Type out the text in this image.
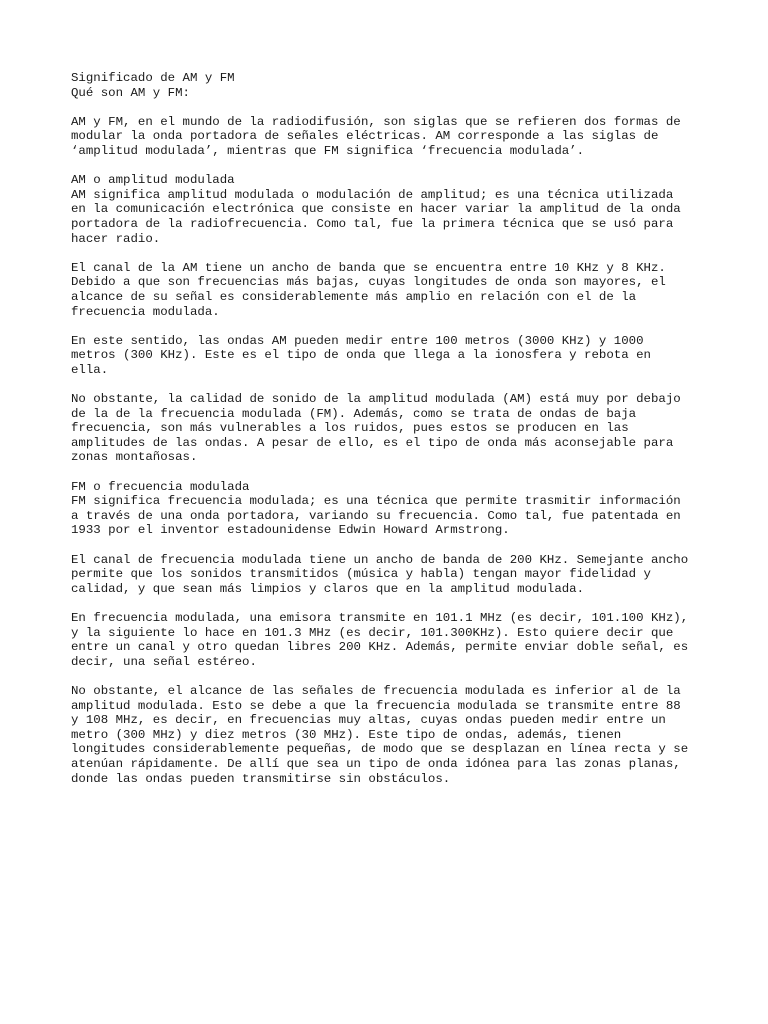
Significado de AM y FM
Qué son AM y FM:
AM y FM, en el mundo de la radiodifusión, son siglas que se refieren dos formas de
modular la onda portadora de señales eléctricas. AM corresponde a las siglas de
‘amplitud modulada’, mientras que FM significa ‘frecuencia modulada’.
AM o amplitud modulada
AM significa amplitud modulada o modulación de amplitud; es una técnica utilizada
en la comunicación electrónica que consiste en hacer variar la amplitud de la onda
portadora de la radiofrecuencia. Como tal, fue la primera técnica que se usó para
hacer radio.
El canal de la AM tiene un ancho de banda que se encuentra entre 10 KHz y 8 KHz.
Debido a que son frecuencias más bajas, cuyas longitudes de onda son mayores, el
alcance de su señal es considerablemente más amplio en relación con el de la
frecuencia modulada.
En este sentido, las ondas AM pueden medir entre 100 metros (3000 KHz) y 1000
metros (300 KHz). Este es el tipo de onda que llega a la ionosfera y rebota en
ella.
No obstante, la calidad de sonido de la amplitud modulada (AM) está muy por debajo
de la de la frecuencia modulada (FM). Además, como se trata de ondas de baja
frecuencia, son más vulnerables a los ruidos, pues estos se producen en las
amplitudes de las ondas. A pesar de ello, es el tipo de onda más aconsejable para
zonas montañosas.
FM o frecuencia modulada
FM significa frecuencia modulada; es una técnica que permite trasmitir información
a través de una onda portadora, variando su frecuencia. Como tal, fue patentada en
1933 por el inventor estadounidense Edwin Howard Armstrong.
El canal de frecuencia modulada tiene un ancho de banda de 200 KHz. Semejante ancho
permite que los sonidos transmitidos (música y habla) tengan mayor fidelidad y
calidad, y que sean más limpios y claros que en la amplitud modulada.
En frecuencia modulada, una emisora transmite en 101.1 MHz (es decir, 101.100 KHz),
y la siguiente lo hace en 101.3 MHz (es decir, 101.300KHz). Esto quiere decir que
entre un canal y otro quedan libres 200 KHz. Además, permite enviar doble señal, es
decir, una señal estéreo.
No obstante, el alcance de las señales de frecuencia modulada es inferior al de la
amplitud modulada. Esto se debe a que la frecuencia modulada se transmite entre 88
y 108 MHz, es decir, en frecuencias muy altas, cuyas ondas pueden medir entre un
metro (300 MHz) y diez metros (30 MHz). Este tipo de ondas, además, tienen
longitudes considerablemente pequeñas, de modo que se desplazan en línea recta y se
atenúan rápidamente. De allí que sea un tipo de onda idónea para las zonas planas,
donde las ondas pueden transmitirse sin obstáculos.
